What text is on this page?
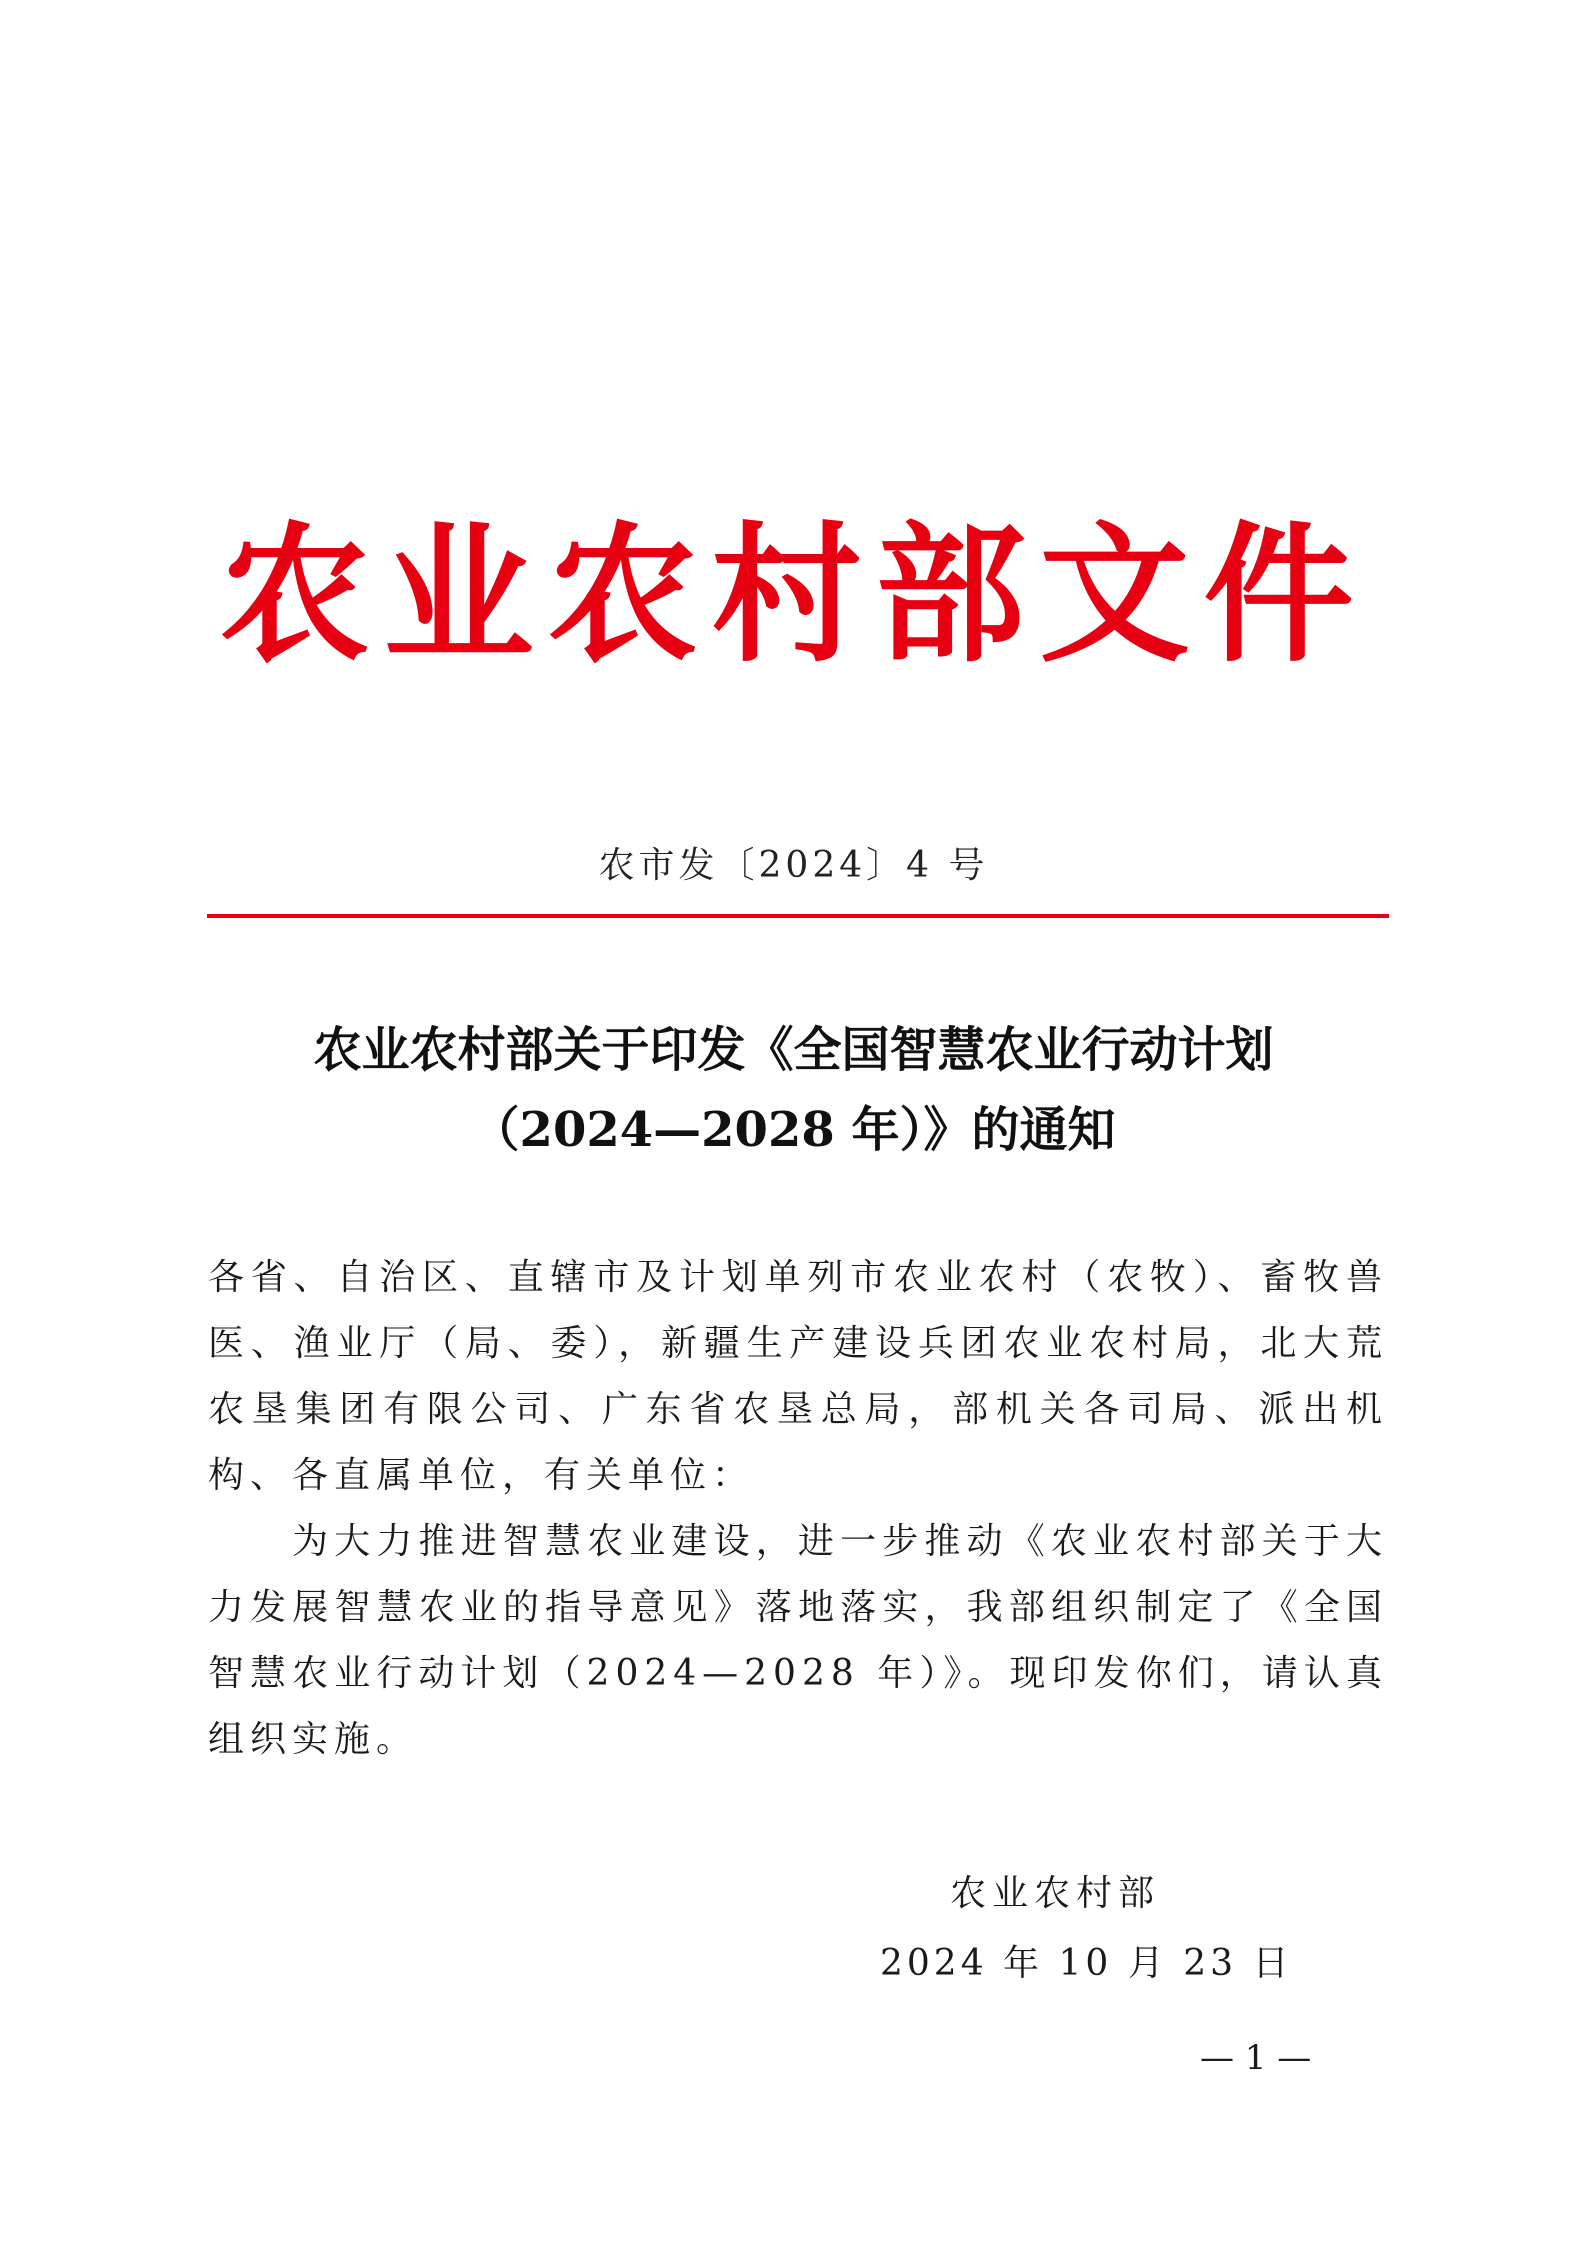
农业农村部文件
农市发〔2024〕4 号
农业农村部关于印发《全国智慧农业行动计划
（2024—2028 年）》的通知

各省、自治区、直辖市及计划单列市农业农村（农牧）、畜牧兽医、渔业厅（局、委），新疆生产建设兵团农业农村局，北大荒农垦集团有限公司、广东省农垦总局，部机关各司局、派出机构、各直属单位，有关单位：

为大力推进智慧农业建设，进一步推动《农业农村部关于大力发展智慧农业的指导意见》落地落实，我部组织制定了《全国智慧农业行动计划（2024—2028 年）》。现印发你们，请认真组织实施。

农业农村部
2024 年 10 月 23 日
— 1 —
